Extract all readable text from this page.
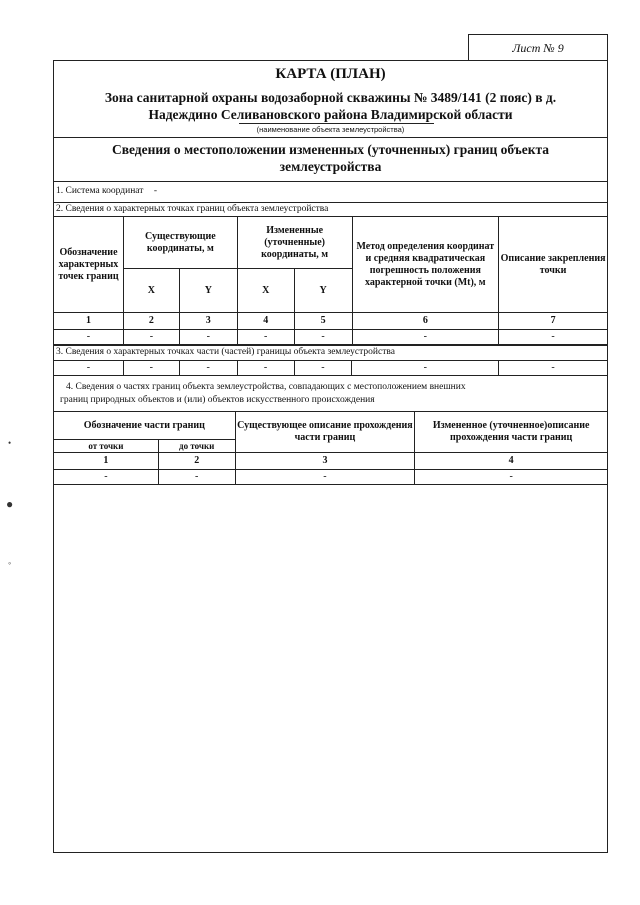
Лист № 9
КАРТА (ПЛАН)
Зона санитарной охраны водозаборной скважины № 3489/141 (2 пояс) в д.
Надеждино Селивановского района Владимирской области
(наименование объекта землеустройства)
Сведения о местоположении измененных (уточненных) границ объекта
землеустройства
1. Система координат -
2. Сведения о характерных точках границ объекта землеустройства
Обозначение характерных точек границ	Существующие координаты, м		Измененные (уточненные) координаты, м		Метод определения координат и средняя квадратическая погрешность положения характерной точки (Mt), м	Описание закрепления точки
	X	Y	X	Y		
1	2	3	4	5	6	7
-	-	-	-	-	-	-
3. Сведения о характерных точках части (частей) границы объекта землеустройства
-	-	-	-	-	-	-
4. Сведения о частях границ объекта землеустройства, совпадающих с местоположением внешних
границ природных объектов и (или) объектов искусственного происхождения
Обозначение части границ		Существующее описание прохождения части границ	Измененное (уточненное)описание прохождения части границ
от точки	до точки		
1	2	3	4
-	-	-	-
•
●
◦
